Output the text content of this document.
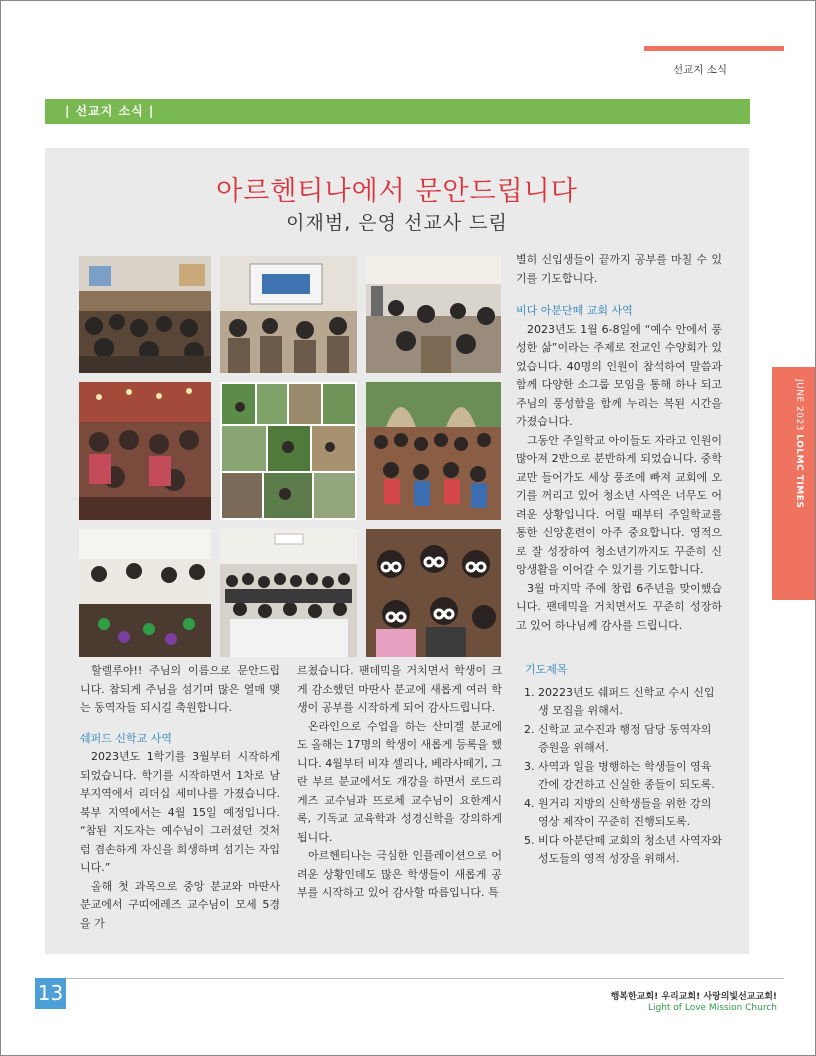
선교지 소식
| 선교지 소식 |
아르헨티나에서 문안드립니다
이재범, 은영 선교사 드림

할렐루야!! 주님의 이름으로 문안드립니다. 참되게 주님을 섬기며 많은 열매 맺는 동역자들 되시길 축원합니다.

쉐퍼드 신학교 사역

2023년도 1학기를 3월부터 시작하게 되었습니다. 학기를 시작하면서 1차로 남부지역에서 리더십 세미나를 가졌습니다. 북부 지역에서는 4월 15일 예정입니다. “참된 지도자는 예수님이 그러셨던 것처럼 겸손하게 자신을 희생하며 섬기는 자입니다.”

올해 첫 과목으로 중앙 분교와 마딴사 분교에서 구띠에레즈 교수님이 모세 5경을 가

르쳤습니다. 팬데믹을 거치면서 학생이 크게 감소했던 마딴사 분교에 새롭게 여러 학생이 공부를 시작하게 되어 감사드립니다.

온라인으로 수업을 하는 산미겔 분교에도 올해는 17명의 학생이 새롭게 등록을 했니다. 4월부터 비쟈 셀리나, 베라사떼기, 그란 부르 분교에서도 개강을 하면서 로드리게즈 교수님과 뜨로체 교수님이 요한계시록, 기독교 교육학과 성경신학을 강의하게 됩니다.

아르헨티나는 극심한 인플레이션으로 어려운 상황인데도 많은 학생들이 새롭게 공부를 시작하고 있어 감사할 따름입니다. 특

별히 신입생들이 끝까지 공부를 마칠 수 있기를 기도합니다.

비다 아분단떼 교회 사역

2023년도 1월 6-8일에 “예수 안에서 풍성한 삶”이라는 주제로 전교인 수양회가 있었습니다. 40명의 인원이 참석하여 말씀과 함께 다양한 소그룹 모임을 통해 하나 되고 주님의 풍성함을 함께 누리는 복된 시간을 가졌습니다.

그동안 주일학교 아이들도 자라고 인원이 많아져 2반으로 분반하게 되었습니다. 중학교만 들어가도 세상 풍조에 빠져 교회에 오기를 꺼리고 있어 청소년 사역은 너무도 어려운 상황입니다. 어릴 때부터 주일학교를 통한 신앙훈련이 아주 중요합니다. 영적으로 잘 성장하여 청소년기까지도 꾸준히 신앙생활을 이어갈 수 있기를 기도합니다.

3월 마지막 주에 창립 6주년을 맞이했습니다. 팬데믹을 거치면서도 꾸준히 성장하고 있어 하나님께 감사를 드립니다.

기도제목

1. 20223년도 쉐퍼드 신학교 수시 신입생 모집을 위해서.
2. 신학교 교수진과 행정 담당 동역자의 증원을 위해서.
3. 사역과 일을 병행하는 학생들이 영육 간에 강건하고 신실한 종들이 되도록.
4. 원거리 지방의 신학생들을 위한 강의 영상 제작이 꾸준히 진행되도록.
5. 비다 아분단떼 교회의 청소년 사역자와 성도들의 영적 성장을 위해서.
JUNE 2023 LOLMC TIMES
13	행복한교회! 우리교회! 사랑의빛선교교회!
Light of Love Mission Church
